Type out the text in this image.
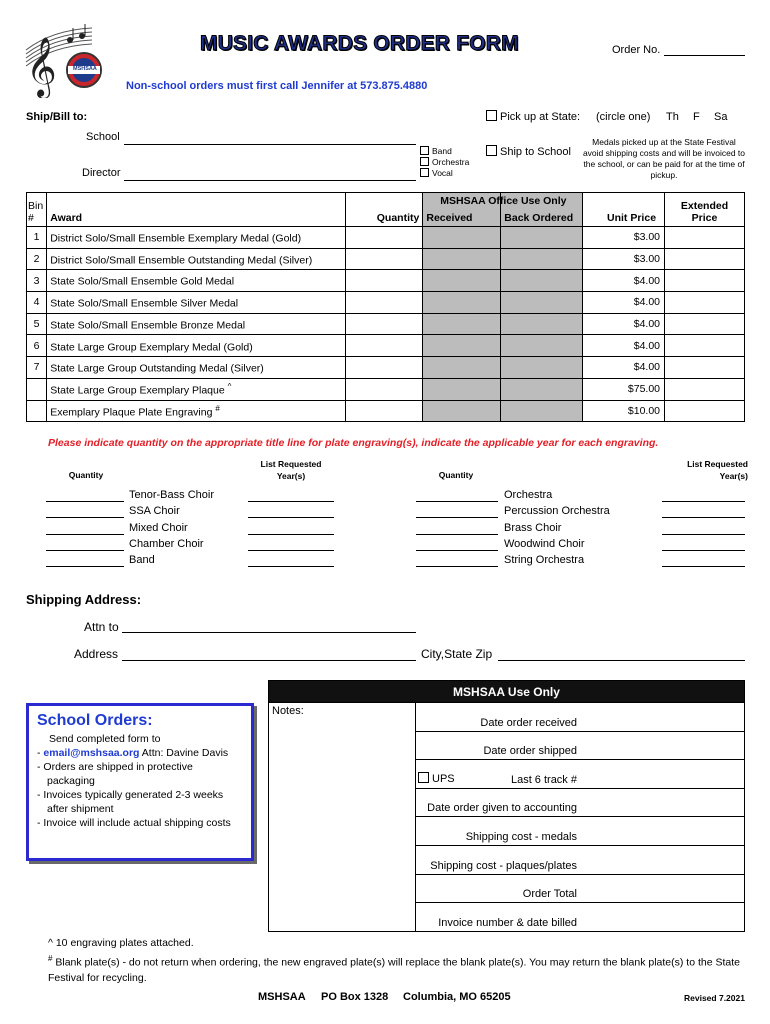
𝄞	MSHSAA
MUSIC AWARDS ORDER FORM	Order No.
Non-school orders must first call Jennifer at 573.875.4880
Ship/Bill to:
School
Director
Band
Orchestra
Vocal
Pick up at State: (circle one) Th F Sa
Ship to School
Medals picked up at the State Festival avoid shipping costs and will be invoiced to the school, or can be paid for at the time of pickup.
Bin
#	Award	Quantity	MSHSAA Office Use Only
Received	Back Ordered	Unit Price	Extended Price
1	District Solo/Small Ensemble Exemplary Medal (Gold)				$3.00	
2	District Solo/Small Ensemble Outstanding Medal (Silver)				$3.00	
3	State Solo/Small Ensemble Gold Medal				$4.00	
4	State Solo/Small Ensemble Silver Medal				$4.00	
5	State Solo/Small Ensemble Bronze Medal				$4.00	
6	State Large Group Exemplary Medal (Gold)				$4.00	
7	State Large Group Outstanding Medal (Silver)				$4.00	
	State Large Group Exemplary Plaque ^				$75.00	
	Exemplary Plaque Plate Engraving #				$10.00	
Please indicate quantity on the appropriate title line for plate engraving(s), indicate the applicable year for each engraving.
Quantity
List Requested
Year(s)	Quantity
List Requested
Year(s)
Tenor-Bass Choir	Orchestra
SSA Choir	Percussion Orchestra
Mixed Choir	Brass Choir
Chamber Choir	Woodwind Choir
Band	String Orchestra
Shipping Address:
Attn to
Address	City,State Zip
School Orders:
Send completed form to
- email@mshsaa.org Attn: Davine Davis
- Orders are shipped in protective packaging
- Invoices typically generated 2-3 weeks after shipment
- Invoice will include actual shipping costs
MSHSAA Use Only
Notes:	
Date order received

Date order shipped

UPS	Last 6 track #

Date order given to accounting

Shipping cost - medals

Shipping cost - plaques/plates

Order Total

Invoice number & date billed
^ 10 engraving plates attached.
# Blank plate(s) - do not return when ordering, the new engraved plate(s) will replace the blank plate(s). You may return the blank plate(s) to the State Festival for recycling.
MSHSAA PO Box 1328 Columbia, MO 65205	Revised 7.2021
